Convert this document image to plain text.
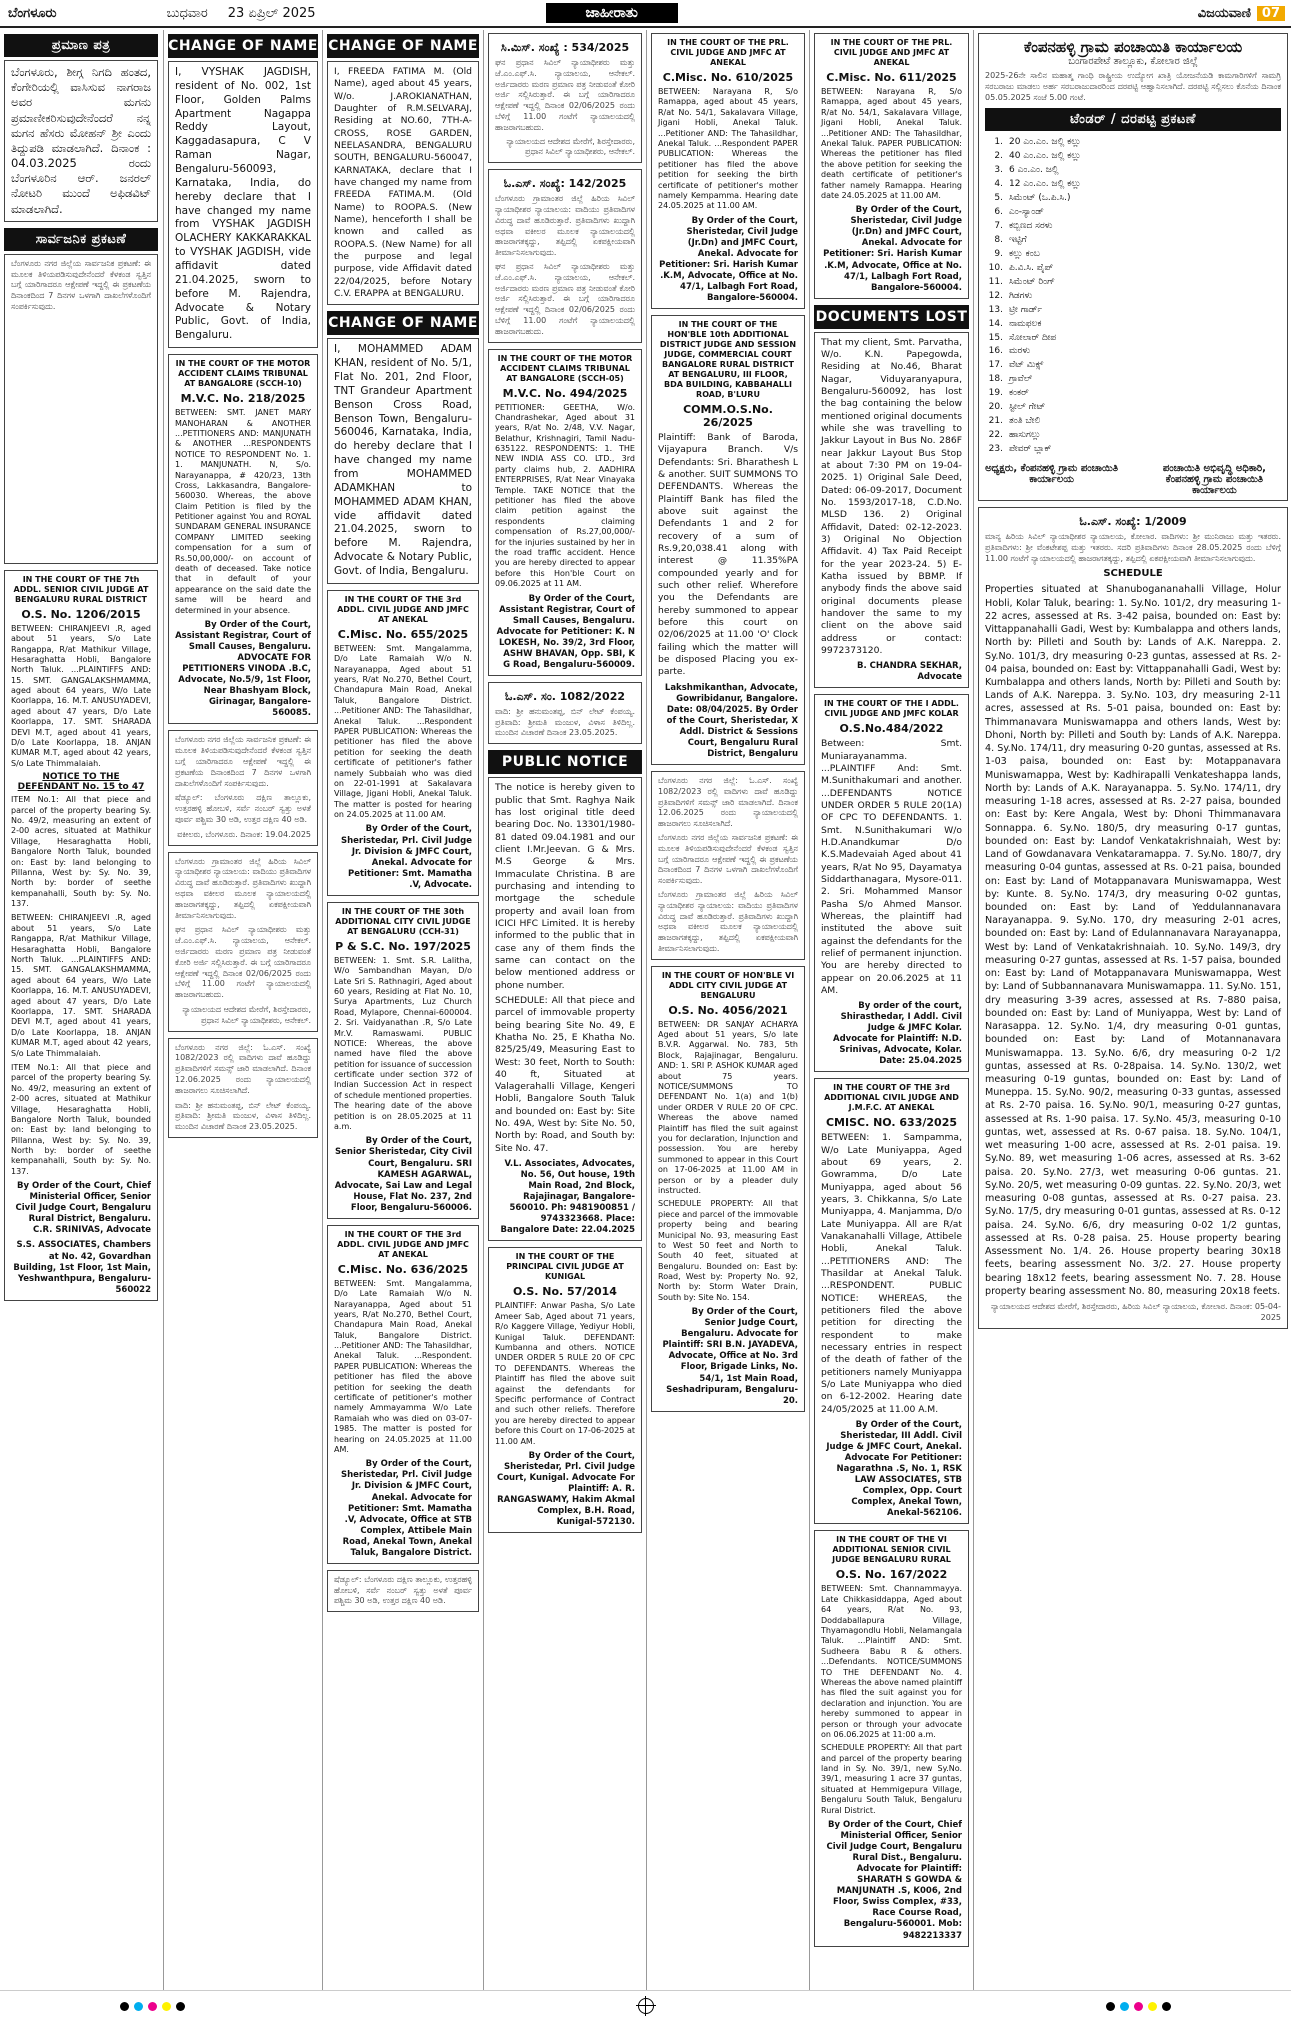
ಬೆಂಗಳೂರು	ಬುಧವಾರ 23 ಏಪ್ರಿಲ್ 2025	ಜಾಹೀರಾತು	ವಿಜಯವಾಣಿ 07
ಪ್ರಮಾಣ ಪತ್ರ
ಬೆಂಗಳೂರು, ಶೀಗ್ಗ ನಿಗದಿ ಹಂತದ, ಕೆಂಗೇರಿಯಲ್ಲಿ ವಾಸಿಸುವ ನಾಗರಾಜ ಅವರ ಮಗನು ಪ್ರಮಾಣೀಕರಿಸುವುದೇನೆಂದರೆ ನನ್ನ ಮಗನ ಹೆಸರು ಮೋಹನ್ ಶ್ರೀ ಎಂದು ತಿದ್ದುಪಡಿ ಮಾಡಲಾಗಿದೆ. ದಿನಾಂಕ : 04.03.2025 ರಂದು ಬೆಂಗಳೂರಿನ ಆರ್. ಜನರಲ್ ನೋಟರಿ ಮುಂದೆ ಅಫಿಡವಿಟ್ ಮಾಡಲಾಗಿದೆ.
ಸಾರ್ವಜನಿಕ ಪ್ರಕಟಣೆ
ಬೆಂಗಳೂರು ನಗರ ಜಿಲ್ಲೆಯ ಸಾರ್ವಜನಿಕ ಪ್ರಕಟಣೆ: ಈ ಮೂಲಕ ತಿಳಿಯಪಡಿಸುವುದೇನೆಂದರೆ ಕೆಳಕಂಡ ಸ್ವತ್ತಿನ ಬಗ್ಗೆ ಯಾರಿಗಾದರೂ ಆಕ್ಷೇಪಣೆ ಇದ್ದಲ್ಲಿ ಈ ಪ್ರಕಟಣೆಯ ದಿನಾಂಕದಿಂದ 7 ದಿನಗಳ ಒಳಗಾಗಿ ದಾಖಲೆಗಳೊಂದಿಗೆ ಸಂಪರ್ಕಿಸುವುದು.
IN THE COURT OF THE 7th ADDL. SENIOR CIVIL JUDGE AT BENGALURU RURAL DISTRICT
O.S. No. 1206/2015
BETWEEN: CHIRANJEEVI .R, aged about 51 years, S/o Late Rangappa, R/at Mathikur Village, Hesaraghatta Hobli, Bangalore North Taluk. ...PLAINTIFFS AND: 15. SMT. GANGALAKSHMAMMA, aged about 64 years, W/o Late Koorlappa, 16. M.T. ANUSUYADEVI, aged about 47 years, D/o Late Koorlappa, 17. SMT. SHARADA DEVI M.T, aged about 41 years, D/o Late Koorlappa, 18. ANJAN KUMAR M.T, aged about 42 years, S/o Late Thimmalaiah.
NOTICE TO THE DEFENDANT No. 15 to 47
ITEM No.1: All that piece and parcel of the property bearing Sy. No. 49/2, measuring an extent of 2-00 acres, situated at Mathikur Village, Hesaraghatta Hobli, Bangalore North Taluk, bounded on: East by: land belonging to Pillanna, West by: Sy. No. 39, North by: border of seethe kempanahalli, South by: Sy. No. 137.
BETWEEN: CHIRANJEEVI .R, aged about 51 years, S/o Late Rangappa, R/at Mathikur Village, Hesaraghatta Hobli, Bangalore North Taluk. ...PLAINTIFFS AND: 15. SMT. GANGALAKSHMAMMA, aged about 64 years, W/o Late Koorlappa, 16. M.T. ANUSUYADEVI, aged about 47 years, D/o Late Koorlappa, 17. SMT. SHARADA DEVI M.T, aged about 41 years, D/o Late Koorlappa, 18. ANJAN KUMAR M.T, aged about 42 years, S/o Late Thimmalaiah.
ITEM No.1: All that piece and parcel of the property bearing Sy. No. 49/2, measuring an extent of 2-00 acres, situated at Mathikur Village, Hesaraghatta Hobli, Bangalore North Taluk, bounded on: East by: land belonging to Pillanna, West by: Sy. No. 39, North by: border of seethe kempanahalli, South by: Sy. No. 137.
By Order of the Court, Chief Ministerial Officer, Senior Civil Judge Court, Bengaluru Rural District, Bengaluru. C.R. SRINIVAS, Advocate
S.S. ASSOCIATES, Chambers at No. 42, Govardhan Building, 1st Floor, 1st Main, Yeshwanthpura, Bengaluru-560022
CHANGE OF NAME
I, VYSHAK JAGDISH, resident of No. 002, 1st Floor, Golden Palms Apartment Nagappa Reddy Layout, Kaggadasapura, C V Raman Nagar, Bengaluru-560093, Karnataka, India, do hereby declare that I have changed my name from VYSHAK JAGDISH OLACHERY KAKKARAKKAL to VYSHAK JAGDISH, vide affidavit dated 21.04.2025, sworn to before M. Rajendra, Advocate & Notary Public, Govt. of India, Bengaluru.
IN THE COURT OF THE MOTOR ACCIDENT CLAIMS TRIBUNAL AT BANGALORE (SCCH-10)
M.V.C. No. 218/2025
BETWEEN: SMT. JANET MARY MANOHARAN & ANOTHER ...PETITIONERS AND: MANJUNATH & ANOTHER ...RESPONDENTS NOTICE TO RESPONDENT No. 1. 1. MANJUNATH. N, S/o. Narayanappa, # 420/23, 13th Cross, Lakkasandra, Bangalore-560030. Whereas, the above Claim Petition is filed by the Petitioner against You and ROYAL SUNDARAM GENERAL INSURANCE COMPANY LIMITED seeking compensation for a sum of Rs.50,00,000/- on account of death of deceased. Take notice that in default of your appearance on the said date the same will be heard and determined in your absence.
By Order of the Court, Assistant Registrar, Court of Small Causes, Bengaluru. ADVOCATE FOR PETITIONERS VINODA .B.C, Advocate, No.5/9, 1st Floor, Near Bhashyam Block, Girinagar, Bangalore-560085.
ಬೆಂಗಳೂರು ನಗರ ಜಿಲ್ಲೆಯ ಸಾರ್ವಜನಿಕ ಪ್ರಕಟಣೆ: ಈ ಮೂಲಕ ತಿಳಿಯಪಡಿಸುವುದೇನೆಂದರೆ ಕೆಳಕಂಡ ಸ್ವತ್ತಿನ ಬಗ್ಗೆ ಯಾರಿಗಾದರೂ ಆಕ್ಷೇಪಣೆ ಇದ್ದಲ್ಲಿ ಈ ಪ್ರಕಟಣೆಯ ದಿನಾಂಕದಿಂದ 7 ದಿನಗಳ ಒಳಗಾಗಿ ದಾಖಲೆಗಳೊಂದಿಗೆ ಸಂಪರ್ಕಿಸುವುದು.
ಷೆಡ್ಯೂಲ್: ಬೆಂಗಳೂರು ದಕ್ಷಿಣ ತಾಲ್ಲೂಕು, ಉತ್ತರಹಳ್ಳಿ ಹೋಬಳಿ, ಸರ್ವೆ ನಂಬರ್ ಸ್ವತ್ತು ಅಳತೆ ಪೂರ್ವ ಪಶ್ಚಿಮ 30 ಅಡಿ, ಉತ್ತರ ದಕ್ಷಿಣ 40 ಅಡಿ.
ವಕೀಲರು, ಬೆಂಗಳೂರು. ದಿನಾಂಕ: 19.04.2025
ಬೆಂಗಳೂರು ಗ್ರಾಮಾಂತರ ಜಿಲ್ಲೆ ಹಿರಿಯ ಸಿವಿಲ್ ನ್ಯಾಯಾಧೀಶರ ನ್ಯಾಯಾಲಯ: ವಾದಿಯು ಪ್ರತಿವಾದಿಗಳ ವಿರುದ್ಧ ದಾವೆ ಹೂಡಿರುತ್ತಾರೆ. ಪ್ರತಿವಾದಿಗಳು ಖುದ್ದಾಗಿ ಅಥವಾ ವಕೀಲರ ಮೂಲಕ ನ್ಯಾಯಾಲಯದಲ್ಲಿ ಹಾಜರಾಗತಕ್ಕದ್ದು, ತಪ್ಪಿದಲ್ಲಿ ಏಕಪಕ್ಷೀಯವಾಗಿ ತೀರ್ಮಾನಿಸಲಾಗುವುದು.
ಘನ ಪ್ರಧಾನ ಸಿವಿಲ್ ನ್ಯಾಯಾಧೀಶರು ಮತ್ತು ಜೆ.ಎಂ.ಎಫ್.ಸಿ. ನ್ಯಾಯಾಲಯ, ಆನೇಕಲ್. ಅರ್ಜಿದಾರರು ಮರಣ ಪ್ರಮಾಣ ಪತ್ರ ನೀಡುವಂತೆ ಕೋರಿ ಅರ್ಜಿ ಸಲ್ಲಿಸಿರುತ್ತಾರೆ. ಈ ಬಗ್ಗೆ ಯಾರಿಗಾದರೂ ಆಕ್ಷೇಪಣೆ ಇದ್ದಲ್ಲಿ ದಿನಾಂಕ 02/06/2025 ರಂದು ಬೆಳಿಗ್ಗೆ 11.00 ಗಂಟೆಗೆ ನ್ಯಾಯಾಲಯದಲ್ಲಿ ಹಾಜರಾಗಬಹುದು.
ನ್ಯಾಯಾಲಯದ ಆದೇಶದ ಮೇರೆಗೆ, ಶಿರಸ್ತೇದಾರರು, ಪ್ರಧಾನ ಸಿವಿಲ್ ನ್ಯಾಯಾಧೀಶರು, ಆನೇಕಲ್.
ಬೆಂಗಳೂರು ನಗರ ಜಿಲ್ಲೆ: ಓ.ಎಸ್. ಸಂಖ್ಯೆ 1082/2023 ರಲ್ಲಿ ವಾದಿಗಳು ದಾವೆ ಹೂಡಿದ್ದು ಪ್ರತಿವಾದಿಗಳಿಗೆ ಸಮನ್ಸ್ ಜಾರಿ ಮಾಡಲಾಗಿದೆ. ದಿನಾಂಕ 12.06.2025 ರಂದು ನ್ಯಾಯಾಲಯದಲ್ಲಿ ಹಾಜರಾಗಲು ಸೂಚಿಸಲಾಗಿದೆ.
ವಾದಿ: ಶ್ರೀ ಹನುಮಂತಪ್ಪ, ಬಿನ್ ಲೇಟ್ ಕೆಂಪಯ್ಯ. ಪ್ರತಿವಾದಿ: ಶ್ರೀಮತಿ ಮಂಜುಳ, ವಿಳಾಸ ತಿಳಿದಿಲ್ಲ. ಮುಂದಿನ ವಿಚಾರಣೆ ದಿನಾಂಕ 23.05.2025.
CHANGE OF NAME
I, FREEDA FATIMA M. (Old Name), aged about 45 years, W/o. J.AROKIANATHAN, Daughter of R.M.SELVARAJ, Residing at NO.60, 7TH-A-CROSS, ROSE GARDEN, NEELASANDRA, BENGALURU SOUTH, BENGALURU-560047, KARNATAKA, declare that I have changed my name from FREEDA FATIMA.M. (Old Name) to ROOPA.S. (New Name), henceforth I shall be known and called as ROOPA.S. (New Name) for all the purpose and legal purpose, vide Affidavit dated 22/04/2025, before Notary C.V. ERAPPA at BENGALURU.
CHANGE OF NAME
I, MOHAMMED ADAM KHAN, resident of No. 5/1, Flat No. 201, 2nd Floor, TNT Grandeur Apartment Benson Cross Road, Benson Town, Bengaluru-560046, Karnataka, India, do hereby declare that I have changed my name from MOHAMMED ADAMKHAN to MOHAMMED ADAM KHAN, vide affidavit dated 21.04.2025, sworn to before M. Rajendra, Advocate & Notary Public, Govt. of India, Bengaluru.
IN THE COURT OF THE 3rd ADDL. CIVIL JUDGE AND JMFC AT ANEKAL
C.Misc. No. 655/2025
BETWEEN: Smt. Mangalamma, D/o Late Ramaiah W/o N. Narayanappa, Aged about 51 years, R/at No.270, Bethel Court, Chandapura Main Road, Anekal Taluk, Bangalore District. ...Petitioner AND: The Tahasildhar, Anekal Taluk. ...Respondent PAPER PUBLICATION: Whereas the petitioner has filed the above petition for seeking the death certificate of petitioner's father namely Subbaiah who was died on 22-01-1991 at Sakalavara Village, Jigani Hobli, Anekal Taluk. The matter is posted for hearing on 24.05.2025 at 11.00 AM.
By Order of the Court, Sheristedar, Prl. Civil Judge Jr. Division & JMFC Court, Anekal. Advocate for Petitioner: Smt. Mamatha .V, Advocate.
IN THE COURT OF THE 30th ADDITIONAL CITY CIVIL JUDGE AT BENGALURU (CCH-31)
P & S.C. No. 197/2025
BETWEEN: 1. Smt. S.R. Lalitha, W/o Sambandhan Mayan, D/o Late Sri S. Rathnagiri, Aged about 60 years, Residing at Flat No. 10, Surya Apartments, Luz Church Road, Mylapore, Chennai-600004. 2. Sri. Vaidyanathan .R, S/o Late Mr.V. Ramaswami. PUBLIC NOTICE: Whereas, the above named have filed the above petition for issuance of succession certificate under section 372 of Indian Succession Act in respect of schedule mentioned properties. The hearing date of the above petition is on 28.05.2025 at 11 a.m.
By Order of the Court, Senior Sheristedar, City Civil Court, Bengaluru. SRI KAMESH AGARWAL, Advocate, Sai Law and Legal House, Flat No. 237, 2nd Floor, Bengaluru-560006.
IN THE COURT OF THE 3rd ADDL. CIVIL JUDGE AND JMFC AT ANEKAL
C.Misc. No. 636/2025
BETWEEN: Smt. Mangalamma, D/o Late Ramaiah W/o N. Narayanappa, Aged about 51 years, R/at No.270, Bethel Court, Chandapura Main Road, Anekal Taluk, Bangalore District. ...Petitioner AND: The Tahasildhar, Anekal Taluk. ...Respondent. PAPER PUBLICATION: Whereas the petitioner has filed the above petition for seeking the death certificate of petitioner's mother namely Ammayamma W/o Late Ramaiah who was died on 03-07-1985. The matter is posted for hearing on 24.05.2025 at 11.00 AM.
By Order of the Court, Sheristedar, Prl. Civil Judge Jr. Division & JMFC Court, Anekal. Advocate for Petitioner: Smt. Mamatha .V, Advocate, Office at STB Complex, Attibele Main Road, Anekal Town, Anekal Taluk, Bangalore District.
ಷೆಡ್ಯೂಲ್: ಬೆಂಗಳೂರು ದಕ್ಷಿಣ ತಾಲ್ಲೂಕು, ಉತ್ತರಹಳ್ಳಿ ಹೋಬಳಿ, ಸರ್ವೆ ನಂಬರ್ ಸ್ವತ್ತು ಅಳತೆ ಪೂರ್ವ ಪಶ್ಚಿಮ 30 ಅಡಿ, ಉತ್ತರ ದಕ್ಷಿಣ 40 ಅಡಿ.
ಸಿ.ಮಿಸ್. ಸಂಖ್ಯೆ : 534/2025
ಘನ ಪ್ರಧಾನ ಸಿವಿಲ್ ನ್ಯಾಯಾಧೀಶರು ಮತ್ತು ಜೆ.ಎಂ.ಎಫ್.ಸಿ. ನ್ಯಾಯಾಲಯ, ಆನೇಕಲ್. ಅರ್ಜಿದಾರರು ಮರಣ ಪ್ರಮಾಣ ಪತ್ರ ನೀಡುವಂತೆ ಕೋರಿ ಅರ್ಜಿ ಸಲ್ಲಿಸಿರುತ್ತಾರೆ. ಈ ಬಗ್ಗೆ ಯಾರಿಗಾದರೂ ಆಕ್ಷೇಪಣೆ ಇದ್ದಲ್ಲಿ ದಿನಾಂಕ 02/06/2025 ರಂದು ಬೆಳಿಗ್ಗೆ 11.00 ಗಂಟೆಗೆ ನ್ಯಾಯಾಲಯದಲ್ಲಿ ಹಾಜರಾಗಬಹುದು.
ನ್ಯಾಯಾಲಯದ ಆದೇಶದ ಮೇರೆಗೆ, ಶಿರಸ್ತೇದಾರರು, ಪ್ರಧಾನ ಸಿವಿಲ್ ನ್ಯಾಯಾಧೀಶರು, ಆನೇಕಲ್.
ಓ.ಎಸ್. ಸಂಖ್ಯೆ: 142/2025
ಬೆಂಗಳೂರು ಗ್ರಾಮಾಂತರ ಜಿಲ್ಲೆ ಹಿರಿಯ ಸಿವಿಲ್ ನ್ಯಾಯಾಧೀಶರ ನ್ಯಾಯಾಲಯ: ವಾದಿಯು ಪ್ರತಿವಾದಿಗಳ ವಿರುದ್ಧ ದಾವೆ ಹೂಡಿರುತ್ತಾರೆ. ಪ್ರತಿವಾದಿಗಳು ಖುದ್ದಾಗಿ ಅಥವಾ ವಕೀಲರ ಮೂಲಕ ನ್ಯಾಯಾಲಯದಲ್ಲಿ ಹಾಜರಾಗತಕ್ಕದ್ದು, ತಪ್ಪಿದಲ್ಲಿ ಏಕಪಕ್ಷೀಯವಾಗಿ ತೀರ್ಮಾನಿಸಲಾಗುವುದು.
ಘನ ಪ್ರಧಾನ ಸಿವಿಲ್ ನ್ಯಾಯಾಧೀಶರು ಮತ್ತು ಜೆ.ಎಂ.ಎಫ್.ಸಿ. ನ್ಯಾಯಾಲಯ, ಆನೇಕಲ್. ಅರ್ಜಿದಾರರು ಮರಣ ಪ್ರಮಾಣ ಪತ್ರ ನೀಡುವಂತೆ ಕೋರಿ ಅರ್ಜಿ ಸಲ್ಲಿಸಿರುತ್ತಾರೆ. ಈ ಬಗ್ಗೆ ಯಾರಿಗಾದರೂ ಆಕ್ಷೇಪಣೆ ಇದ್ದಲ್ಲಿ ದಿನಾಂಕ 02/06/2025 ರಂದು ಬೆಳಿಗ್ಗೆ 11.00 ಗಂಟೆಗೆ ನ್ಯಾಯಾಲಯದಲ್ಲಿ ಹಾಜರಾಗಬಹುದು.
IN THE COURT OF THE MOTOR ACCIDENT CLAIMS TRIBUNAL AT BANGALORE (SCCH-05)
M.V.C. No. 494/2025
PETITIONER: GEETHA, W/o. Chandrashekar, Aged about 31 years, R/at No. 2/48, V.V. Nagar, Belathur, Krishnagiri, Tamil Nadu-635122. RESPONDENTS: 1. THE NEW INDIA ASS CO. LTD., 3rd party claims hub, 2. AADHIRA ENTERPRISES, R/at Near Vinayaka Temple. TAKE NOTICE that the petitioner has filed the above claim petition against the respondents claiming compensation of Rs.27,00,000/- for the injuries sustained by her in the road traffic accident. Hence you are hereby directed to appear before this Hon'ble Court on 09.06.2025 at 11 AM.
By Order of the Court, Assistant Registrar, Court of Small Causes, Bengaluru. Advocate for Petitioner: K. N LOKESH, No. 39/2, 3rd Floor, ASHW BHAVAN, Opp. SBI, K G Road, Bengaluru-560009.
ಓ.ಎಸ್. ಸಂ. 1082/2022
ವಾದಿ: ಶ್ರೀ ಹನುಮಂತಪ್ಪ, ಬಿನ್ ಲೇಟ್ ಕೆಂಪಯ್ಯ. ಪ್ರತಿವಾದಿ: ಶ್ರೀಮತಿ ಮಂಜುಳ, ವಿಳಾಸ ತಿಳಿದಿಲ್ಲ. ಮುಂದಿನ ವಿಚಾರಣೆ ದಿನಾಂಕ 23.05.2025.
PUBLIC NOTICE
The notice is hereby given to public that Smt. Raghya Naik has lost original title deed bearing Doc. No. 13301/1980-81 dated 09.04.1981 and our client I.Mr.Jeevan. G & Mrs. M.S George & Mrs. Immaculate Christina. B are purchasing and intending to mortgage the schedule property and avail loan from ICICI HFC Limited. It is hereby informed to the public that in case any of them finds the same can contact on the below mentioned address or phone number.
SCHEDULE: All that piece and parcel of immovable property being bearing Site No. 49, E Khatha No. 25, E Khatha No. 825/25/49, Measuring East to West: 30 feet, North to South: 40 ft, Situated at Valagerahalli Village, Kengeri Hobli, Bangalore South Taluk and bounded on: East by: Site No. 49A, West by: Site No. 50, North by: Road, and South by: Site No. 47.
V.L. Associates, Advocates, No. 56, Out house, 19th Main Road, 2nd Block, Rajajinagar, Bangalore-560010. Ph: 9481900851 / 9743323668. Place: Bangalore Date: 22.04.2025
IN THE COURT OF THE PRINCIPAL CIVIL JUDGE AT KUNIGAL
O.S. No. 57/2014
PLAINTIFF: Anwar Pasha, S/o Late Ameer Sab, Aged about 71 years, R/o Kaggere Village, Yediyur Hobli, Kunigal Taluk. DEFENDANT: Kumbanna and others. NOTICE UNDER ORDER 5 RULE 20 OF CPC TO DEFENDANTS. Whereas the Plaintiff has filed the above suit against the defendants for Specific performance of Contract and such other reliefs. Therefore you are hereby directed to appear before this Court on 17-06-2025 at 11.00 AM.
By Order of the Court, Sheristedar, Prl. Civil Judge Court, Kunigal. Advocate For Plaintiff: A. R. RANGASWAMY, Hakim Akmal Complex, B.H. Road, Kunigal-572130.
IN THE COURT OF THE PRL. CIVIL JUDGE AND JMFC AT ANEKAL
C.Misc. No. 610/2025
BETWEEN: Narayana R, S/o Ramappa, aged about 45 years, R/at No. 54/1, Sakalavara Village, Jigani Hobli, Anekal Taluk. ...Petitioner AND: The Tahasildhar, Anekal Taluk. ...Respondent PAPER PUBLICATION: Whereas the petitioner has filed the above petition for seeking the birth certificate of petitioner's mother namely Kempamma. Hearing date 24.05.2025 at 11.00 AM.
By Order of the Court, Sheristedar, Civil Judge (Jr.Dn) and JMFC Court, Anekal. Advocate for Petitioner: Sri. Harish Kumar .K.M, Advocate, Office at No. 47/1, Lalbagh Fort Road, Bangalore-560004.
IN THE COURT OF THE HON'BLE 10th ADDITIONAL DISTRICT JUDGE AND SESSION JUDGE, COMMERCIAL COURT BANGALORE RURAL DISTRICT AT BENGALURU, III FLOOR, BDA BUILDING, KABBAHALLI ROAD, B'LURU
COMM.O.S.No. 26/2025
Plaintiff: Bank of Baroda, Vijayapura Branch. V/s Defendants: Sri. Bharathesh L & another. SUIT SUMMONS TO DEFENDANTS. Whereas the Plaintiff Bank has filed the above suit against the Defendants 1 and 2 for recovery of a sum of Rs.9,20,038.41 along with interest @ 11.35%PA compounded yearly and for such other relief. Wherefore you the Defendants are hereby summoned to appear before this court on 02/06/2025 at 11.00 'O' Clock failing which the matter will be disposed Placing you ex-parte.
Lakshmikanthan, Advocate, Gowribidanur, Bangalore. Date: 08/04/2025. By Order of the Court, Sheristedar, X Addl. District & Sessions Court, Bengaluru Rural District, Bengaluru
ಬೆಂಗಳೂರು ನಗರ ಜಿಲ್ಲೆ: ಓ.ಎಸ್. ಸಂಖ್ಯೆ 1082/2023 ರಲ್ಲಿ ವಾದಿಗಳು ದಾವೆ ಹೂಡಿದ್ದು ಪ್ರತಿವಾದಿಗಳಿಗೆ ಸಮನ್ಸ್ ಜಾರಿ ಮಾಡಲಾಗಿದೆ. ದಿನಾಂಕ 12.06.2025 ರಂದು ನ್ಯಾಯಾಲಯದಲ್ಲಿ ಹಾಜರಾಗಲು ಸೂಚಿಸಲಾಗಿದೆ.
ಬೆಂಗಳೂರು ನಗರ ಜಿಲ್ಲೆಯ ಸಾರ್ವಜನಿಕ ಪ್ರಕಟಣೆ: ಈ ಮೂಲಕ ತಿಳಿಯಪಡಿಸುವುದೇನೆಂದರೆ ಕೆಳಕಂಡ ಸ್ವತ್ತಿನ ಬಗ್ಗೆ ಯಾರಿಗಾದರೂ ಆಕ್ಷೇಪಣೆ ಇದ್ದಲ್ಲಿ ಈ ಪ್ರಕಟಣೆಯ ದಿನಾಂಕದಿಂದ 7 ದಿನಗಳ ಒಳಗಾಗಿ ದಾಖಲೆಗಳೊಂದಿಗೆ ಸಂಪರ್ಕಿಸುವುದು.
ಬೆಂಗಳೂರು ಗ್ರಾಮಾಂತರ ಜಿಲ್ಲೆ ಹಿರಿಯ ಸಿವಿಲ್ ನ್ಯಾಯಾಧೀಶರ ನ್ಯಾಯಾಲಯ: ವಾದಿಯು ಪ್ರತಿವಾದಿಗಳ ವಿರುದ್ಧ ದಾವೆ ಹೂಡಿರುತ್ತಾರೆ. ಪ್ರತಿವಾದಿಗಳು ಖುದ್ದಾಗಿ ಅಥವಾ ವಕೀಲರ ಮೂಲಕ ನ್ಯಾಯಾಲಯದಲ್ಲಿ ಹಾಜರಾಗತಕ್ಕದ್ದು, ತಪ್ಪಿದಲ್ಲಿ ಏಕಪಕ್ಷೀಯವಾಗಿ ತೀರ್ಮಾನಿಸಲಾಗುವುದು.
IN THE COURT OF HON'BLE VI ADDL CITY CIVIL JUDGE AT BENGALURU
O.S. No. 4056/2021
BETWEEN: DR SANJAY ACHARYA Aged about 51 years, S/o late B.V.R. Aggarwal. No. 783, 5th Block, Rajajinagar, Bengaluru. AND: 1. SRI P. ASHOK KUMAR aged about 75 years. NOTICE/SUMMONS TO DEFENDANT No. 1(a) and 1(b) under ORDER V RULE 20 OF CPC. Whereas the above named Plaintiff has filed the suit against you for declaration, Injunction and possession. You are hereby summoned to appear in this Court on 17-06-2025 at 11.00 AM in person or by a pleader duly instructed.
SCHEDULE PROPERTY: All that piece and parcel of the immovable property being and bearing Municipal No. 93, measuring East to West 50 feet and North to South 40 feet, situated at Bengaluru. Bounded on: East by: Road, West by: Property No. 92, North by: Storm Water Drain, South by: Site No. 154.
By Order of the Court, Senior Judge Court, Bengaluru. Advocate for Plaintiff: SRI B.N. JAYADEVA, Advocate, Office at No. 3rd Floor, Brigade Links, No. 54/1, 1st Main Road, Seshadripuram, Bengaluru-20.
IN THE COURT OF THE PRL. CIVIL JUDGE AND JMFC AT ANEKAL
C.Misc. No. 611/2025
BETWEEN: Narayana R, S/o Ramappa, aged about 45 years, R/at No. 54/1, Sakalavara Village, Jigani Hobli, Anekal Taluk. ...Petitioner AND: The Tahasildhar, Anekal Taluk. PAPER PUBLICATION: Whereas the petitioner has filed the above petition for seeking the death certificate of petitioner's father namely Ramappa. Hearing date 24.05.2025 at 11.00 AM.
By Order of the Court, Sheristedar, Civil Judge (Jr.Dn) and JMFC Court, Anekal. Advocate for Petitioner: Sri. Harish Kumar .K.M, Advocate, Office at No. 47/1, Lalbagh Fort Road, Bangalore-560004.
DOCUMENTS LOST
That my client, Smt. Parvatha, W/o. K.N. Papegowda, Residing at No.46, Bharat Nagar, Viduyaranyapura, Bengaluru-560092, has lost the bag containing the below mentioned original documents while she was travelling to Jakkur Layout in Bus No. 286F near Jakkur Layout Bus Stop at about 7:30 PM on 19-04-2025. 1) Original Sale Deed, Dated: 06-09-2017, Document No. 1593/2017-18, C.D.No. MLSD 136. 2) Original Affidavit, Dated: 02-12-2023. 3) Original No Objection Affidavit. 4) Tax Paid Receipt for the year 2023-24. 5) E-Katha issued by BBMP. If anybody finds the above said original documents please handover the same to my client on the above said address or contact: 9972373120.
B. CHANDRA SEKHAR, Advocate
IN THE COURT OF THE I ADDL. CIVIL JUDGE AND JMFC KOLAR
O.S.No.484/2022
Between: Smt. Muniarayanamma. ...PLAINTIFF And: Smt. M.Sunithakumari and another. ...DEFENDANTS NOTICE UNDER ORDER 5 RULE 20(1A) OF CPC TO DEFENDANTS. 1. Smt. N.Sunithakumari W/o H.D.Anandkumar D/o K.S.Madevaiah Aged about 41 years, R/at No 95, Dayamatya Siddarthanagara, Mysore-011. 2. Sri. Mohammed Mansor Pasha S/o Ahmed Mansor. Whereas, the plaintiff had instituted the above suit against the defendants for the relief of permanent injunction. You are hereby directed to appear on 20.06.2025 at 11 AM.
By order of the court, Shirasthedar, I Addl. Civil Judge & JMFC Kolar. Advocate for Plaintiff: N.D. Srinivas, Advocate, Kolar. Date: 25.04.2025
IN THE COURT OF THE 3rd ADDITIONAL CIVIL JUDGE AND J.M.F.C. AT ANEKAL
CMISC. NO. 633/2025
BETWEEN: 1. Sampamma, W/o Late Muniyappa, Aged about 69 years, 2. Gowramma, D/o Late Muniyappa, aged about 56 years, 3. Chikkanna, S/o Late Muniyappa, 4. Manjamma, D/o Late Muniyappa. All are R/at Vanakanahalli Village, Attibele Hobli, Anekal Taluk. ...PETITIONERS AND: The Thasildar at Anekal Taluk. ...RESPONDENT. PUBLIC NOTICE: WHEREAS, the petitioners filed the above petition for directing the respondent to make necessary entries in respect of the death of father of the petitioners namely Muniyappa S/o Late Muniyappa who died on 6-12-2002. Hearing date 24/05/2025 at 11.00 A.M.
By Order of the Court, Sheristedar, III Addl. Civil Judge & JMFC Court, Anekal. Advocate For Petitioner: Nagarathna .S, No. 1, RSK LAW ASSOCIATES, STB Complex, Opp. Court Complex, Anekal Town, Anekal-562106.
IN THE COURT OF THE VI ADDITIONAL SENIOR CIVIL JUDGE BENGALURU RURAL
O.S. No. 167/2022
BETWEEN: Smt. Channammayya. Late Chikkasiddappa, Aged about 64 years, R/at No. 93, Doddaballapura Village, Thyamagondlu Hobli, Nelamangala Taluk. ...Plaintiff AND: Smt. Sudheera Babu R & others. ...Defendants. NOTICE/SUMMONS TO THE DEFENDANT No. 4. Whereas the above named plaintiff has filed the suit against you for declaration and injunction. You are hereby summoned to appear in person or through your advocate on 06.06.2025 at 11:00 a.m.
SCHEDULE PROPERTY: All that part and parcel of the property bearing land in Sy. No. 39/1, new Sy.No. 39/1, measuring 1 acre 37 guntas, situated at Hemmigepura Village, Bengaluru South Taluk, Bengaluru Rural District.
By Order of the Court, Chief Ministerial Officer, Senior Civil Judge Court, Bengaluru Rural Dist., Bengaluru. Advocate for Plaintiff: SHARATH S GOWDA & MANJUNATH .S, K006, 2nd Floor, Swiss Complex, #33, Race Course Road, Bengaluru-560001. Mob: 9482213337
ಕೆಂಪನಹಳ್ಳಿ ಗ್ರಾಮ ಪಂಚಾಯಿತಿ ಕಾರ್ಯಾಲಯ
ಬಂಗಾರಪೇಟೆ ತಾಲ್ಲೂಕು, ಕೋಲಾರ ಜಿಲ್ಲೆ
2025-26ನೇ ಸಾಲಿನ ಮಹಾತ್ಮ ಗಾಂಧಿ ರಾಷ್ಟ್ರೀಯ ಉದ್ಯೋಗ ಖಾತ್ರಿ ಯೋಜನೆಯಡಿ ಕಾಮಗಾರಿಗಳಿಗೆ ಸಾಮಗ್ರಿ ಸರಬರಾಜು ಮಾಡಲು ಅರ್ಹ ಸರಬರಾಜುದಾರರಿಂದ ದರಪಟ್ಟಿ ಆಹ್ವಾನಿಸಲಾಗಿದೆ. ದರಪಟ್ಟಿ ಸಲ್ಲಿಸಲು ಕೊನೆಯ ದಿನಾಂಕ 05.05.2025 ಸಂಜೆ 5.00 ಗಂಟೆ.
ಟೆಂಡರ್ / ದರಪಟ್ಟಿ ಪ್ರಕಟಣೆ
1. 20 ಎಂ.ಎಂ. ಜಲ್ಲಿ ಕಲ್ಲು
2. 40 ಎಂ.ಎಂ. ಜಲ್ಲಿ ಕಲ್ಲು
3. 6 ಎಂ.ಎಂ. ಜಲ್ಲಿ
4. 12 ಎಂ.ಎಂ. ಜಲ್ಲಿ ಕಲ್ಲು
5. ಸಿಮೆಂಟ್ (ಒ.ಪಿ.ಸಿ.)
6. ಎಂ-ಸ್ಯಾಂಡ್
7. ಕಬ್ಬಿಣದ ಸರಳು
8. ಇಟ್ಟಿಗೆ
9. ಕಲ್ಲು ಕಂಬ
10. ಪಿ.ವಿ.ಸಿ. ಪೈಪ್
11. ಸಿಮೆಂಟ್ ರಿಂಗ್
12. ಗಿಡಗಳು
13. ಟ್ರೀ ಗಾರ್ಡ್
14. ನಾಮಫಲಕ
15. ಸೋಲಾರ್ ದೀಪ
16. ಮರಳು
17. ವೆಟ್ ಮಿಕ್ಸ್
18. ಗ್ರಾವೆಲ್
19. ಕಂಕರ್
20. ಸ್ಟೀಲ್ ಗೇಟ್
21. ತಂತಿ ಬೇಲಿ
22. ಹಾಸುಗಲ್ಲು
23. ಪೇವರ್ ಬ್ಲಾಕ್
ಅಧ್ಯಕ್ಷರು, ಕೆಂಪನಹಳ್ಳಿ ಗ್ರಾಮ ಪಂಚಾಯಿತಿ ಕಾರ್ಯಾಲಯ
ಪಂಚಾಯಿತಿ ಅಭಿವೃದ್ಧಿ ಅಧಿಕಾರಿ, ಕೆಂಪನಹಳ್ಳಿ ಗ್ರಾಮ ಪಂಚಾಯಿತಿ ಕಾರ್ಯಾಲಯ
ಓ.ಎಸ್. ಸಂಖ್ಯೆ: 1/2009
ಮಾನ್ಯ ಹಿರಿಯ ಸಿವಿಲ್ ನ್ಯಾಯಾಧೀಶರ ನ್ಯಾಯಾಲಯ, ಕೋಲಾರ. ವಾದಿಗಳು: ಶ್ರೀ ಮುನಿರಾಜು ಮತ್ತು ಇತರರು. ಪ್ರತಿವಾದಿಗಳು: ಶ್ರೀ ವೆಂಕಟೇಶಪ್ಪ ಮತ್ತು ಇತರರು. ಸದರಿ ಪ್ರತಿವಾದಿಗಳು ದಿನಾಂಕ 28.05.2025 ರಂದು ಬೆಳಿಗ್ಗೆ 11.00 ಗಂಟೆಗೆ ನ್ಯಾಯಾಲಯದಲ್ಲಿ ಹಾಜರಾಗತಕ್ಕದ್ದು, ತಪ್ಪಿದಲ್ಲಿ ಏಕಪಕ್ಷೀಯವಾಗಿ ತೀರ್ಮಾನಿಸಲಾಗುವುದು.
SCHEDULE
Properties situated at Shanubogananahalli Village, Holur Hobli, Kolar Taluk, bearing: 1. Sy.No. 101/2, dry measuring 1-22 acres, assessed at Rs. 3-42 paisa, bounded on: East by: Vittappanahalli Gadi, West by: Kumbalappa and others lands, North by: Pilleti and South by: Lands of A.K. Nareppa. 2. Sy.No. 101/3, dry measuring 0-23 guntas, assessed at Rs. 2-04 paisa, bounded on: East by: Vittappanahalli Gadi, West by: Kumbalappa and others lands, North by: Pilleti and South by: Lands of A.K. Nareppa. 3. Sy.No. 103, dry measuring 2-11 acres, assessed at Rs. 5-01 paisa, bounded on: East by: Thimmanavara Muniswamappa and others lands, West by: Dhoni, North by: Pilleti and South by: Lands of A.K. Nareppa. 4. Sy.No. 174/11, dry measuring 0-20 guntas, assessed at Rs. 1-03 paisa, bounded on: East by: Motappanavara Muniswamappa, West by: Kadhirapalli Venkateshappa lands, North by: Lands of A.K. Narayanappa. 5. Sy.No. 174/11, dry measuring 1-18 acres, assessed at Rs. 2-27 paisa, bounded on: East by: Kere Angala, West by: Dhoni Thimmanavara Sonnappa. 6. Sy.No. 180/5, dry measuring 0-17 guntas, bounded on: East by: Landof Venkatakrishnaiah, West by: Land of Gowdanavara Venkataramappa. 7. Sy.No. 180/7, dry measuring 0-04 guntas, assessed at Rs. 0-21 paisa, bounded on: East by: Land of Motappanavara Muniswamappa, West by: Kunte. 8. Sy.No. 174/3, dry measuring 0-02 guntas, bounded on: East by: Land of Yeddulannanavara Narayanappa. 9. Sy.No. 170, dry measuring 2-01 acres, bounded on: East by: Land of Edulannanavara Narayanappa, West by: Land of Venkatakrishnaiah. 10. Sy.No. 149/3, dry measuring 0-27 guntas, assessed at Rs. 1-57 paisa, bounded on: East by: Land of Motappanavara Muniswamappa, West by: Land of Subbannanavara Muniswamappa. 11. Sy.No. 151, dry measuring 3-39 acres, assessed at Rs. 7-880 paisa, bounded on: East by: Land of Muniyappa, West by: Land of Narasappa. 12. Sy.No. 1/4, dry measuring 0-01 guntas, bounded on: East by: Land of Motannanavara Muniswamappa. 13. Sy.No. 6/6, dry measuring 0-2 1/2 guntas, assessed at Rs. 0-28paisa. 14. Sy.No. 130/2, wet measuring 0-19 guntas, bounded on: East by: Land of Muneppa. 15. Sy.No. 90/2, measuring 0-33 guntas, assessed at Rs. 2-70 paisa. 16. Sy.No. 90/1, measuring 0-27 guntas, assessed at Rs. 1-90 paisa. 17. Sy.No. 45/3, measuring 0-10 guntas, wet, assessed at Rs. 0-67 paisa. 18. Sy.No. 104/1, wet measuring 1-00 acre, assessed at Rs. 2-01 paisa. 19. Sy.No. 89, wet measuring 1-06 acres, assessed at Rs. 3-62 paisa. 20. Sy.No. 27/3, wet measuring 0-06 guntas. 21. Sy.No. 20/5, wet measuring 0-09 guntas. 22. Sy.No. 20/3, wet measuring 0-08 guntas, assessed at Rs. 0-27 paisa. 23. Sy.No. 17/5, dry measuring 0-01 guntas, assessed at Rs. 0-12 paisa. 24. Sy.No. 6/6, dry measuring 0-02 1/2 guntas, assessed at Rs. 0-28 paisa. 25. House property bearing Assessment No. 1/4. 26. House property bearing 30x18 feets, bearing assessment No. 3/2. 27. House property bearing 18x12 feets, bearing assessment No. 7. 28. House property bearing assessment No. 80, measuring 20x18 feets.
ನ್ಯಾಯಾಲಯದ ಆದೇಶದ ಮೇರೆಗೆ, ಶಿರಸ್ತೇದಾರರು, ಹಿರಿಯ ಸಿವಿಲ್ ನ್ಯಾಯಾಲಯ, ಕೋಲಾರ. ದಿನಾಂಕ: 05-04-2025
